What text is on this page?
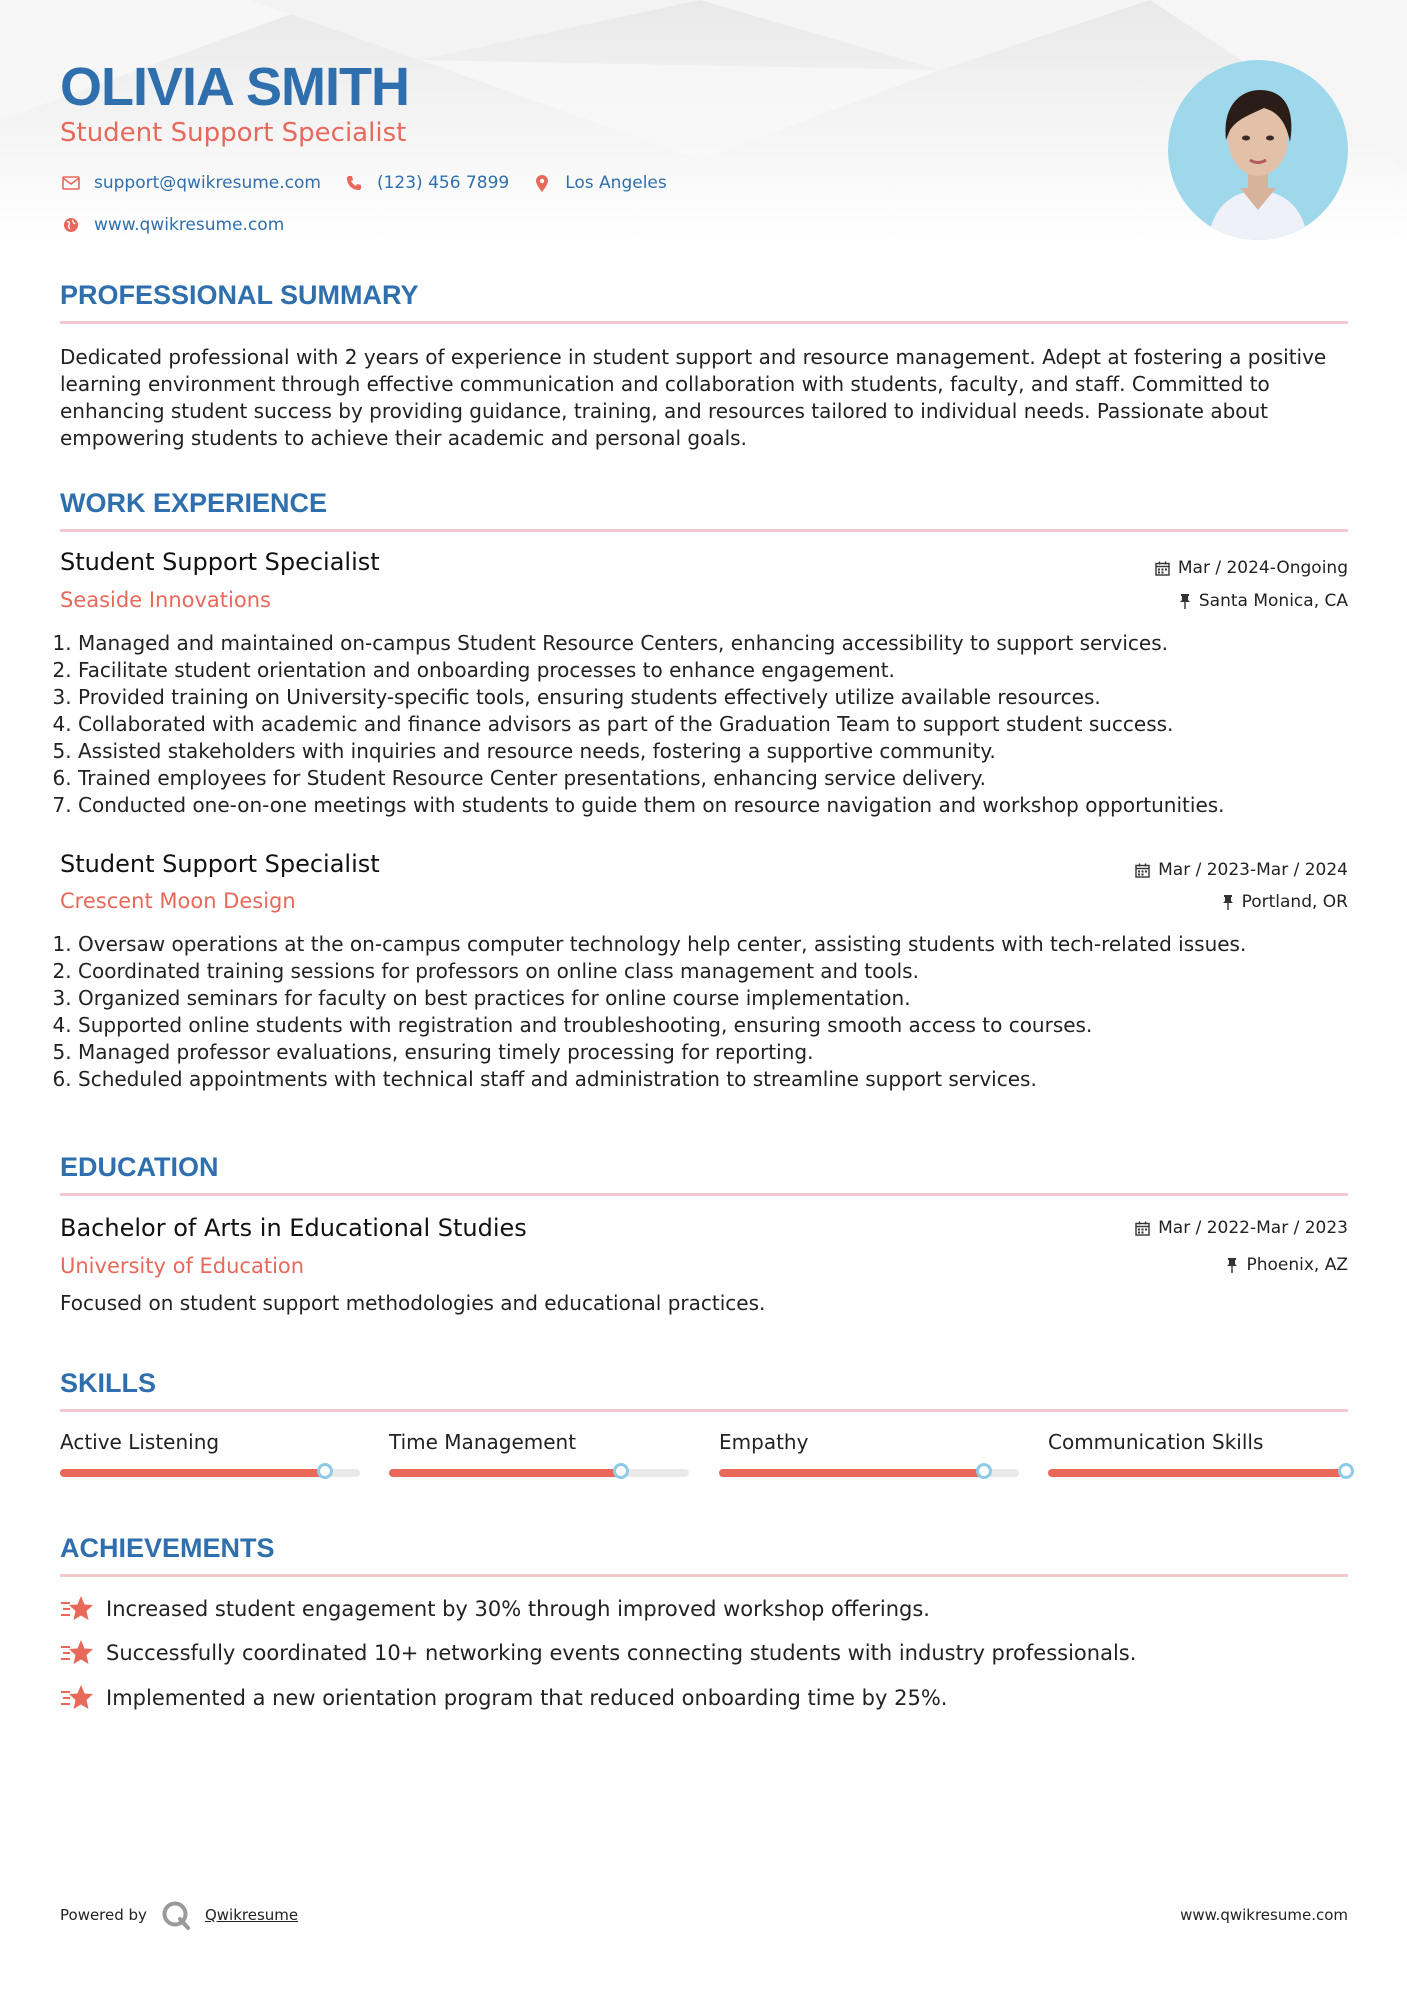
OLIVIA SMITH
Student Support Specialist
support@qwikresume.com	(123) 456 7899	Los Angeles
www.qwikresume.com
PROFESSIONAL SUMMARY
Dedicated professional with 2 years of experience in student support and resource management. Adept at fostering a positive learning environment through effective communication and collaboration with students, faculty, and staff. Committed to enhancing student success by providing guidance, training, and resources tailored to individual needs. Passionate about empowering students to achieve their academic and personal goals.
WORK EXPERIENCE
Student Support Specialist	Mar / 2024-Ongoing
Seaside Innovations	Santa Monica, CA
1. Managed and maintained on-campus Student Resource Centers, enhancing accessibility to support services.
2. Facilitate student orientation and onboarding processes to enhance engagement.
3. Provided training on University-specific tools, ensuring students effectively utilize available resources.
4. Collaborated with academic and finance advisors as part of the Graduation Team to support student success.
5. Assisted stakeholders with inquiries and resource needs, fostering a supportive community.
6. Trained employees for Student Resource Center presentations, enhancing service delivery.
7. Conducted one-on-one meetings with students to guide them on resource navigation and workshop opportunities.
Student Support Specialist	Mar / 2023-Mar / 2024
Crescent Moon Design	Portland, OR
1. Oversaw operations at the on-campus computer technology help center, assisting students with tech-related issues.
2. Coordinated training sessions for professors on online class management and tools.
3. Organized seminars for faculty on best practices for online course implementation.
4. Supported online students with registration and troubleshooting, ensuring smooth access to courses.
5. Managed professor evaluations, ensuring timely processing for reporting.
6. Scheduled appointments with technical staff and administration to streamline support services.
EDUCATION
Bachelor of Arts in Educational Studies	Mar / 2022-Mar / 2023
University of Education	Phoenix, AZ
Focused on student support methodologies and educational practices.
SKILLS
Active Listening	Time Management	Empathy	Communication Skills
ACHIEVEMENTS
Increased student engagement by 30% through improved workshop offerings.
Successfully coordinated 10+ networking events connecting students with industry professionals.
Implemented a new orientation program that reduced onboarding time by 25%.
Powered by	Qwikresume	www.qwikresume.com
